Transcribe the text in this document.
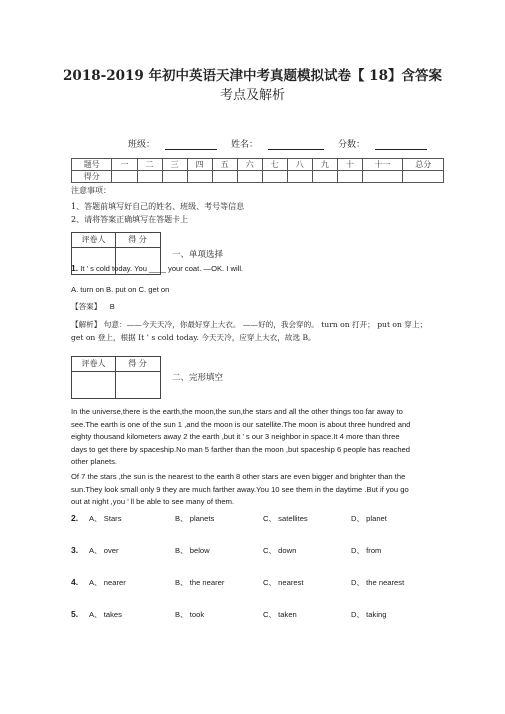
2018-2019 年初中英语天津中考真题模拟试卷【 18】含答案
考点及解析
班级：	姓名：	分数：
题号	一	二	三	四	五	六	七	八	九	十	十一	总分
得分												
注意事项：
1、答题前填写好自己的姓名、班级、考号等信息
2、请将答案正确填写在答题卡上
评卷人	得 分
一、单项选择
1. It ’ s cold today. You ____ your coat. —OK. I will.
A. turn on B. put on C. get on
【答案】 B
【解析】 句意：——今天天冷，你最好穿上大衣。 ——好的，我会穿的。 turn on 打开； put on 穿上； get on 登上，根据 It ’ s cold today. 今天天冷，应穿上大衣，故选 B。
评卷人	得 分
二、完形填空
In the universe,there is the earth,the moon,the sun,the stars and all the other things too far away to see.The earth is one of the sun 1 ,and the moon is our satellite.The moon is about three hundred and eighty thousand kilometers away 2 the earth ,but it ’ s our 3 neighbor in space.It 4 more than three days to get there by spaceship.No man 5 farther than the moon ,but spaceship 6 people has reached other planets.
Of 7 the stars ,the sun is the nearest to the earth 8 other stars are even bigger and brighter than the sun.They look small only 9 they are much farther away.You 10 see them in the daytime .But if you go out at night ,you ’ ll be able to see many of them.
2.	A、 Stars	B、 planets	C、 satellites	D、 planet
3.	A、 over	B、 below	C、 down	D、 from
4.	A、 nearer	B、 the nearer	C、 nearest	D、 the nearest
5.	A、 takes	B、 took	C、 taken	D、 taking
